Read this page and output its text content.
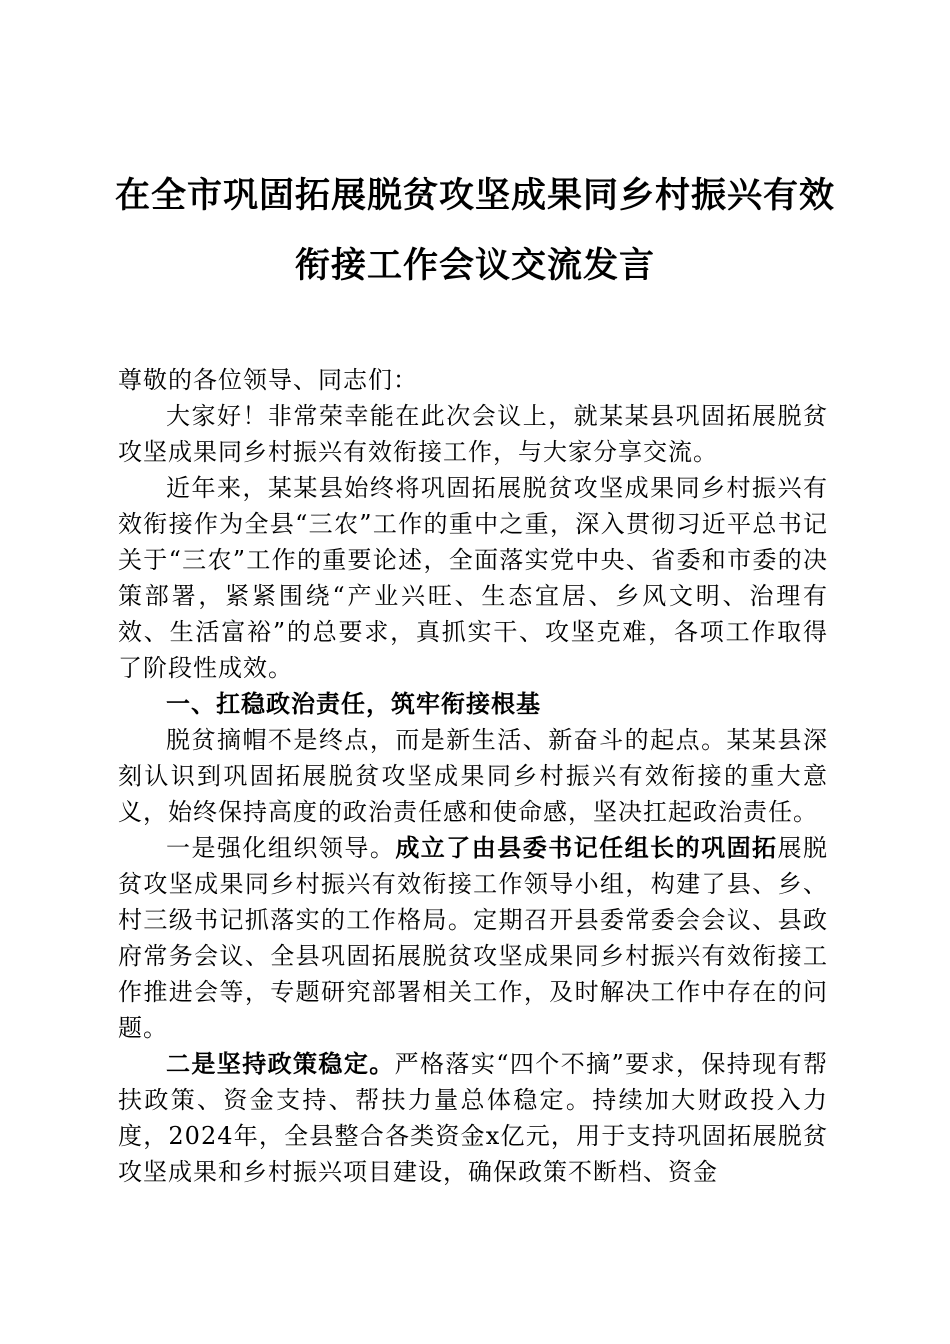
在全市巩固拓展脱贫攻坚成果同乡村振兴有效
衔接工作会议交流发言

尊敬的各位领导、同志们：

大家好！非常荣幸能在此次会议上，就某某县巩固拓展脱贫攻坚成果同乡村振兴有效衔接工作，与大家分享交流。

近年来，某某县始终将巩固拓展脱贫攻坚成果同乡村振兴有效衔接作为全县“三农”工作的重中之重，深入贯彻习近平总书记关于“三农”工作的重要论述，全面落实党中央、省委和市委的决策部署，紧紧围绕“产业兴旺、生态宜居、乡风文明、治理有效、生活富裕”的总要求，真抓实干、攻坚克难，各项工作取得了阶段性成效。

一、扛稳政治责任，筑牢衔接根基

脱贫摘帽不是终点，而是新生活、新奋斗的起点。某某县深刻认识到巩固拓展脱贫攻坚成果同乡村振兴有效衔接的重大意义，始终保持高度的政治责任感和使命感，坚决扛起政治责任。

一是强化组织领导。成立了由县委书记任组长的巩固拓展脱贫攻坚成果同乡村振兴有效衔接工作领导小组，构建了县、乡、村三级书记抓落实的工作格局。定期召开县委常委会会议、县政府常务会议、全县巩固拓展脱贫攻坚成果同乡村振兴有效衔接工作推进会等，专题研究部署相关工作，及时解决工作中存在的问题。

二是坚持政策稳定。严格落实“四个不摘”要求，保持现有帮扶政策、资金支持、帮扶力量总体稳定。持续加大财政投入力度，2024年，全县整合各类资金x亿元，用于支持巩固拓展脱贫攻坚成果和乡村振兴项目建设，确保政策不断档、资金
